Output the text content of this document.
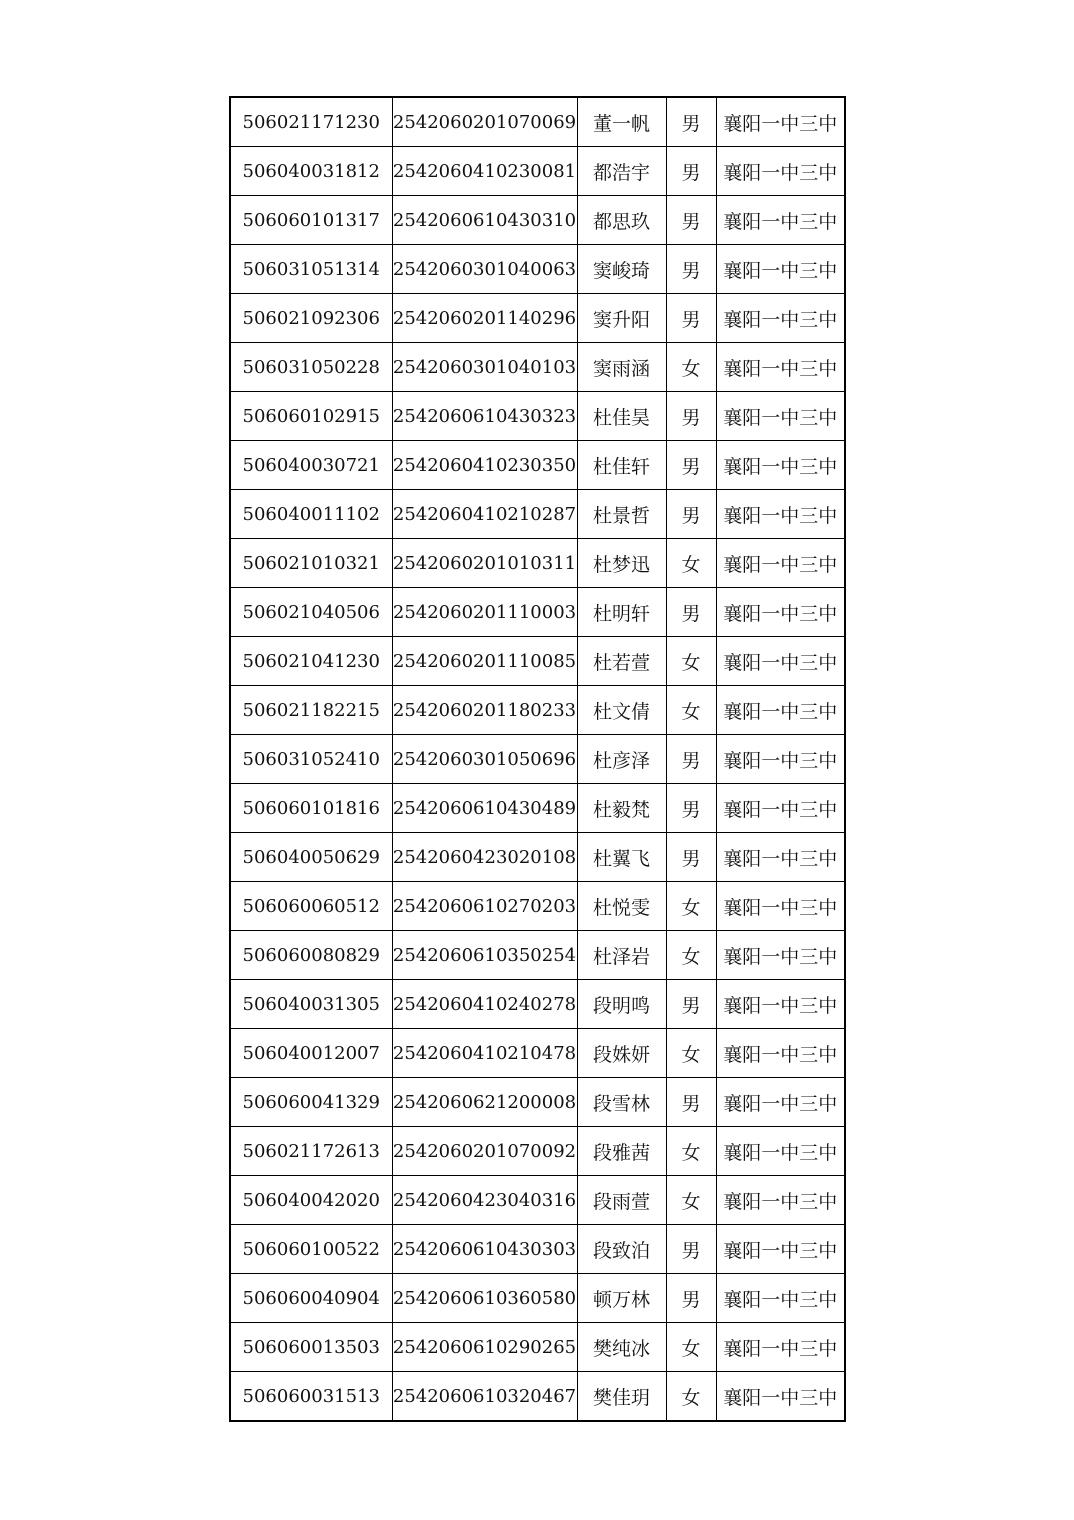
506021171230	2542060201070069	董一帆	男	襄阳一中三中
506040031812	2542060410230081	都浩宇	男	襄阳一中三中
506060101317	2542060610430310	都思玖	男	襄阳一中三中
506031051314	2542060301040063	窦峻琦	男	襄阳一中三中
506021092306	2542060201140296	窦升阳	男	襄阳一中三中
506031050228	2542060301040103	窦雨涵	女	襄阳一中三中
506060102915	2542060610430323	杜佳昊	男	襄阳一中三中
506040030721	2542060410230350	杜佳轩	男	襄阳一中三中
506040011102	2542060410210287	杜景哲	男	襄阳一中三中
506021010321	2542060201010311	杜梦迅	女	襄阳一中三中
506021040506	2542060201110003	杜明轩	男	襄阳一中三中
506021041230	2542060201110085	杜若萱	女	襄阳一中三中
506021182215	2542060201180233	杜文倩	女	襄阳一中三中
506031052410	2542060301050696	杜彦泽	男	襄阳一中三中
506060101816	2542060610430489	杜毅梵	男	襄阳一中三中
506040050629	2542060423020108	杜翼飞	男	襄阳一中三中
506060060512	2542060610270203	杜悦雯	女	襄阳一中三中
506060080829	2542060610350254	杜泽岩	女	襄阳一中三中
506040031305	2542060410240278	段明鸣	男	襄阳一中三中
506040012007	2542060410210478	段姝妍	女	襄阳一中三中
506060041329	2542060621200008	段雪林	男	襄阳一中三中
506021172613	2542060201070092	段雅茜	女	襄阳一中三中
506040042020	2542060423040316	段雨萱	女	襄阳一中三中
506060100522	2542060610430303	段致泊	男	襄阳一中三中
506060040904	2542060610360580	顿万林	男	襄阳一中三中
506060013503	2542060610290265	樊纯冰	女	襄阳一中三中
506060031513	2542060610320467	樊佳玥	女	襄阳一中三中
